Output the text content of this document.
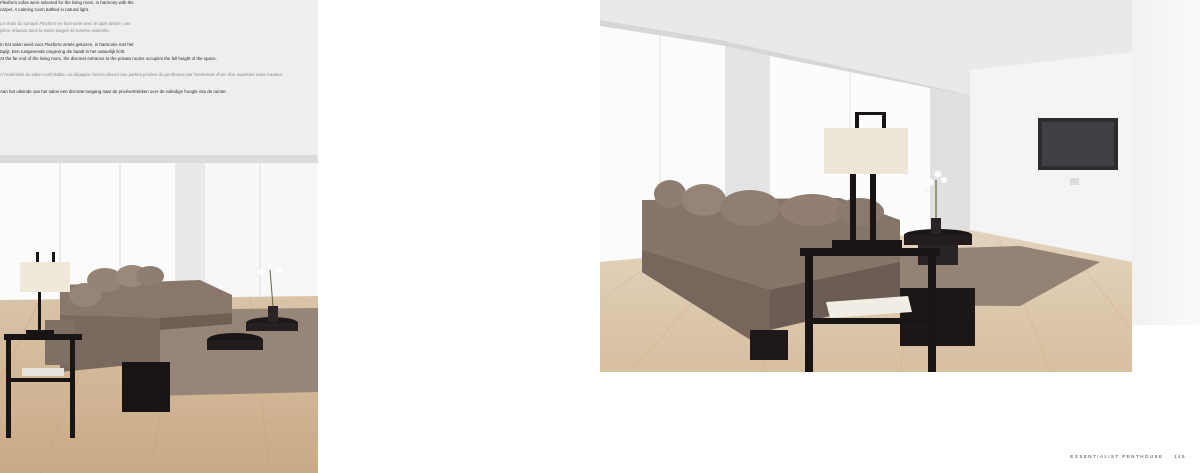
Flexform sofas were selected for the living room, in harmony with the carpet. A calming room bathed in natural light.

Le choix du canapé Flexform en harmonie avec le tapis désiré, une pièce relaxant dans le salon baigné de lumière naturelle.

In het salon werd voor Flexform-zetels gekozen, in harmonie met het tapijt. Een rustgevende omgeving die baadt in het natuurlijk licht.

At the far end of the living room, the discreet entrance to the private rooms occupies the full height of the space.

À l'extrémité du salon confortable, un dégagée l'accès discret aux parties privées du penthouse par l'entremise d'une ébe ouverture toute hauteur.

Aan het uiteinde van het salon een discrete toegang naar de privévertrekken over de volledige hoogte van de ruimte.

ESSENTIALIST PENTHOUSE 145
